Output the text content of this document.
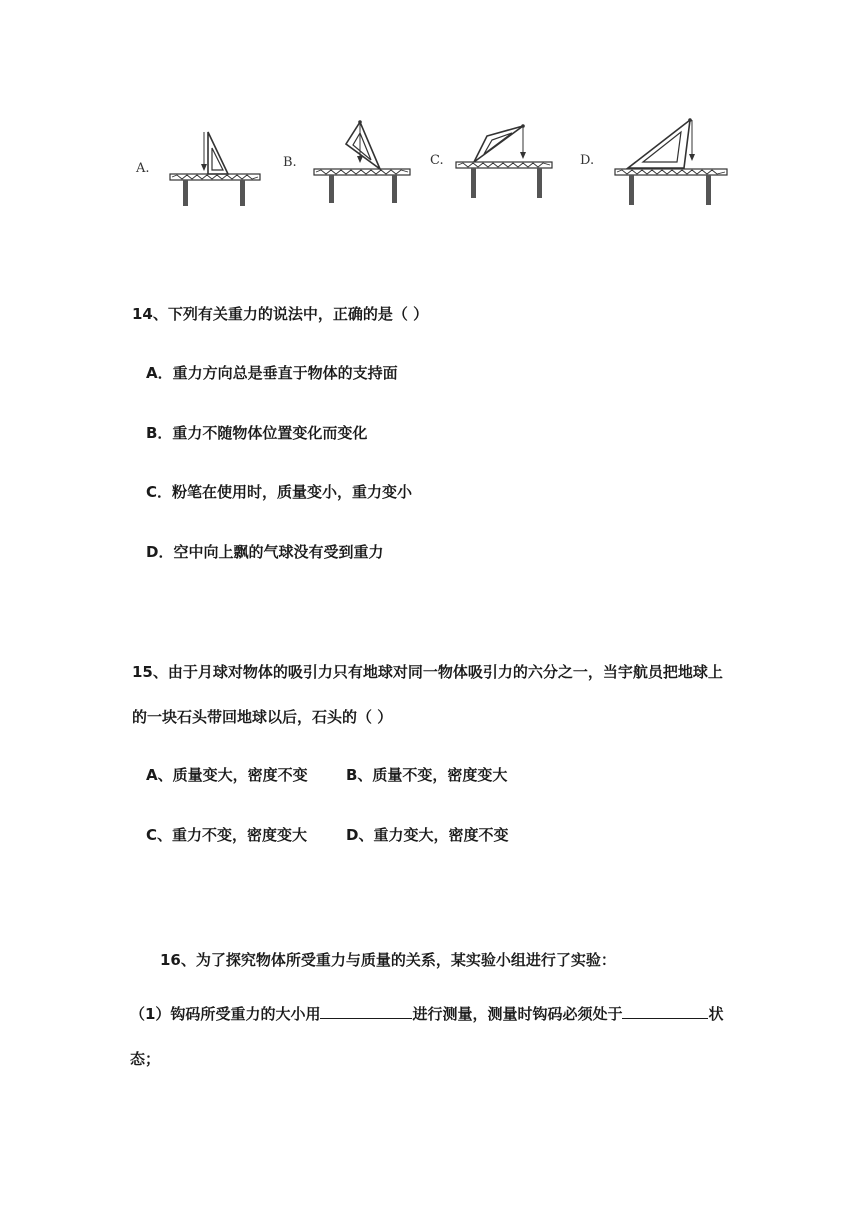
A.	B.	C.	D.
14、下列有关重力的说法中，正确的是（ ）
A．重力方向总是垂直于物体的支持面
B．重力不随物体位置变化而变化
C．粉笔在使用时，质量变小，重力变小
D．空中向上飘的气球没有受到重力
15、由于月球对物体的吸引力只有地球对同一物体吸引力的六分之一，当宇航员把地球上
的一块石头带回地球以后，石头的（ ）
A、质量变大，密度不变	B、质量不变，密度变大
C、重力不变，密度变大	D、重力变大，密度不变
16、为了探究物体所受重力与质量的关系，某实验小组进行了实验：
（1）钩码所受重力的大小用	进行测量，测量时钩码必须处于	状
态；
